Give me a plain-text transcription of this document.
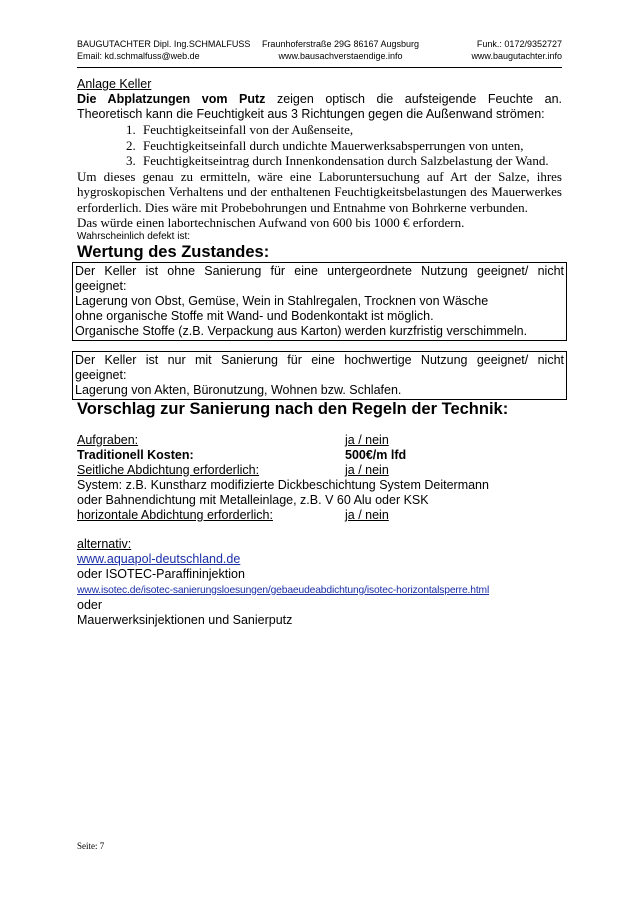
BAUGUTACHTER Dipl. Ing.SCHMALFUSS
Email: kd.schmalfuss@web.de
Fraunhoferstraße 29G 86167 Augsburg
www.bausachverstaendige.info
Funk.: 0172/9352727
www.baugutachter.info
Anlage Keller
Die Abplatzungen vom Putz zeigen optisch die aufsteigende Feuchte an.
Theoretisch kann die Feuchtigkeit aus 3 Richtungen gegen die Außenwand strömen:
1. Feuchtigkeitseinfall von der Außenseite,
2. Feuchtigkeitseinfall durch undichte Mauerwerksabsperrungen von unten,
3. Feuchtigkeitseintrag durch Innenkondensation durch Salzbelastung der Wand.
Um dieses genau zu ermitteln, wäre eine Laboruntersuchung auf Art der Salze, ihres
hygroskopischen Verhaltens und der enthaltenen Feuchtigkeitsbelastungen des Mauerwerkes
erforderlich. Dies wäre mit Probebohrungen und Entnahme von Bohrkerne verbunden.
Das würde einen labortechnischen Aufwand von 600 bis 1000 € erfordern.
Wahrscheinlich defekt ist:
Wertung des Zustandes:
Der Keller ist ohne Sanierung für eine untergeordnete Nutzung geeignet/ nicht
geeignet:
Lagerung von Obst, Gemüse, Wein in Stahlregalen, Trocknen von Wäsche
ohne organische Stoffe mit Wand- und Bodenkontakt ist möglich.
Organische Stoffe (z.B. Verpackung aus Karton) werden kurzfristig verschimmeln.
Der Keller ist nur mit Sanierung für eine hochwertige Nutzung geeignet/ nicht
geeignet:
Lagerung von Akten, Büronutzung, Wohnen bzw. Schlafen.
Vorschlag zur Sanierung nach den Regeln der Technik:
Aufgraben:	ja / nein
Traditionell Kosten:	500€/m lfd
Seitliche Abdichtung erforderlich:	ja / nein
System: z.B. Kunstharz modifizierte Dickbeschichtung System Deitermann
oder Bahnendichtung mit Metalleinlage, z.B. V 60 Alu oder KSK
horizontale Abdichtung erforderlich:	ja / nein
alternativ:
www.aquapol-deutschland.de
oder ISOTEC-Paraffininjektion
www.isotec.de/isotec-sanierungsloesungen/gebaeudeabdichtung/isotec-horizontalsperre.html
oder
Mauerwerksinjektionen und Sanierputz
Seite: 7
